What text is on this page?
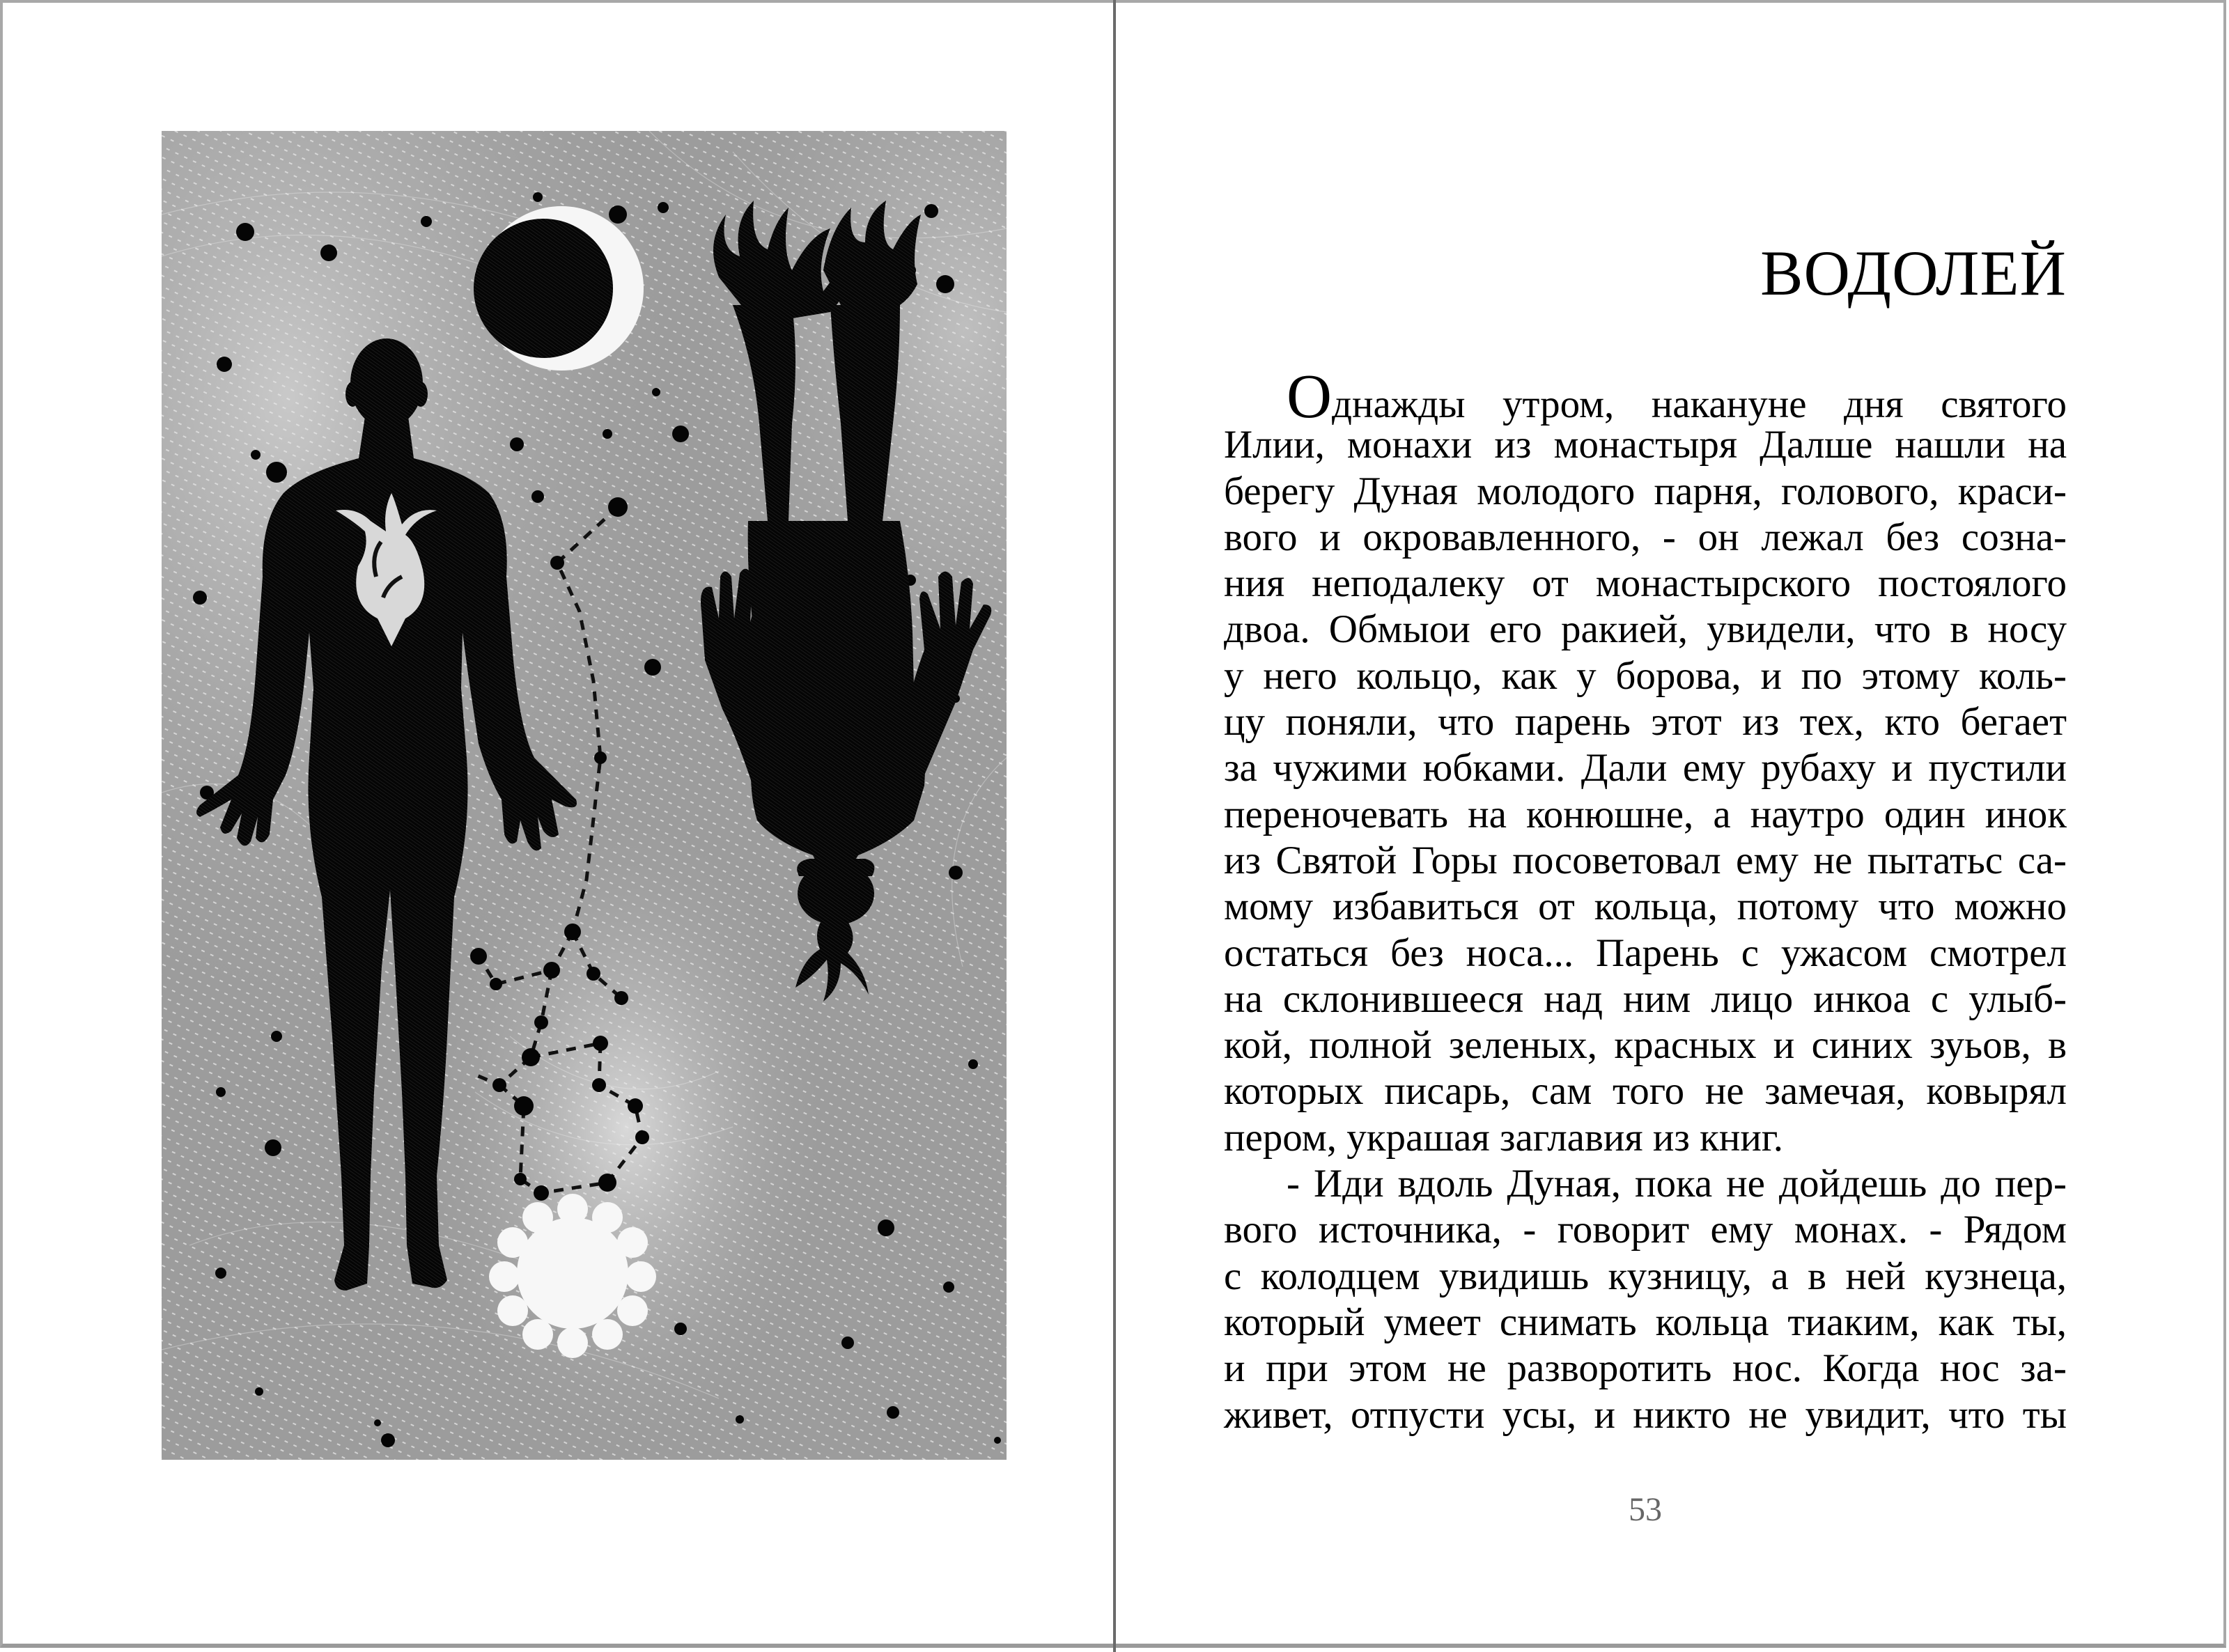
ВОДОЛЕЙ
Однажды утром, накануне дня святого
Илии, монахи из монастыря Далше нашли на
берегу Дуная молодого парня, голового, краси-
вого и окровавленного, - он лежал без созна-
ния неподалеку от монастырского постоялого
двоа. Обмыои его ракией, увидели, что в носу
у него кольцо, как у борова, и по этому коль-
цу поняли, что парень этот из тех, кто бегает
за чужими юбками. Дали ему рубаху и пустили
переночевать на конюшне, а наутро один инок
из Святой Горы посоветовал ему не пытатьс са-
мому избавиться от кольца, потому что можно
остаться без носа... Парень с ужасом смотрел
на склонившееся над ним лицо инкоа с улыб-
кой, полной зеленых, красных и синих зуьов, в
которых писарь, сам того не замечая, ковырял
пером, украшая заглавия из книг.
- Иди вдоль Дуная, пока не дойдешь до пер-
вого источника, - говорит ему монах. - Рядом
с колодцем увидишь кузницу, а в ней кузнеца,
который умеет снимать кольца тиаким, как ты,
и при этом не разворотить нос. Когда нос за-
живет, отпусти усы, и никто не увидит, что ты
53
